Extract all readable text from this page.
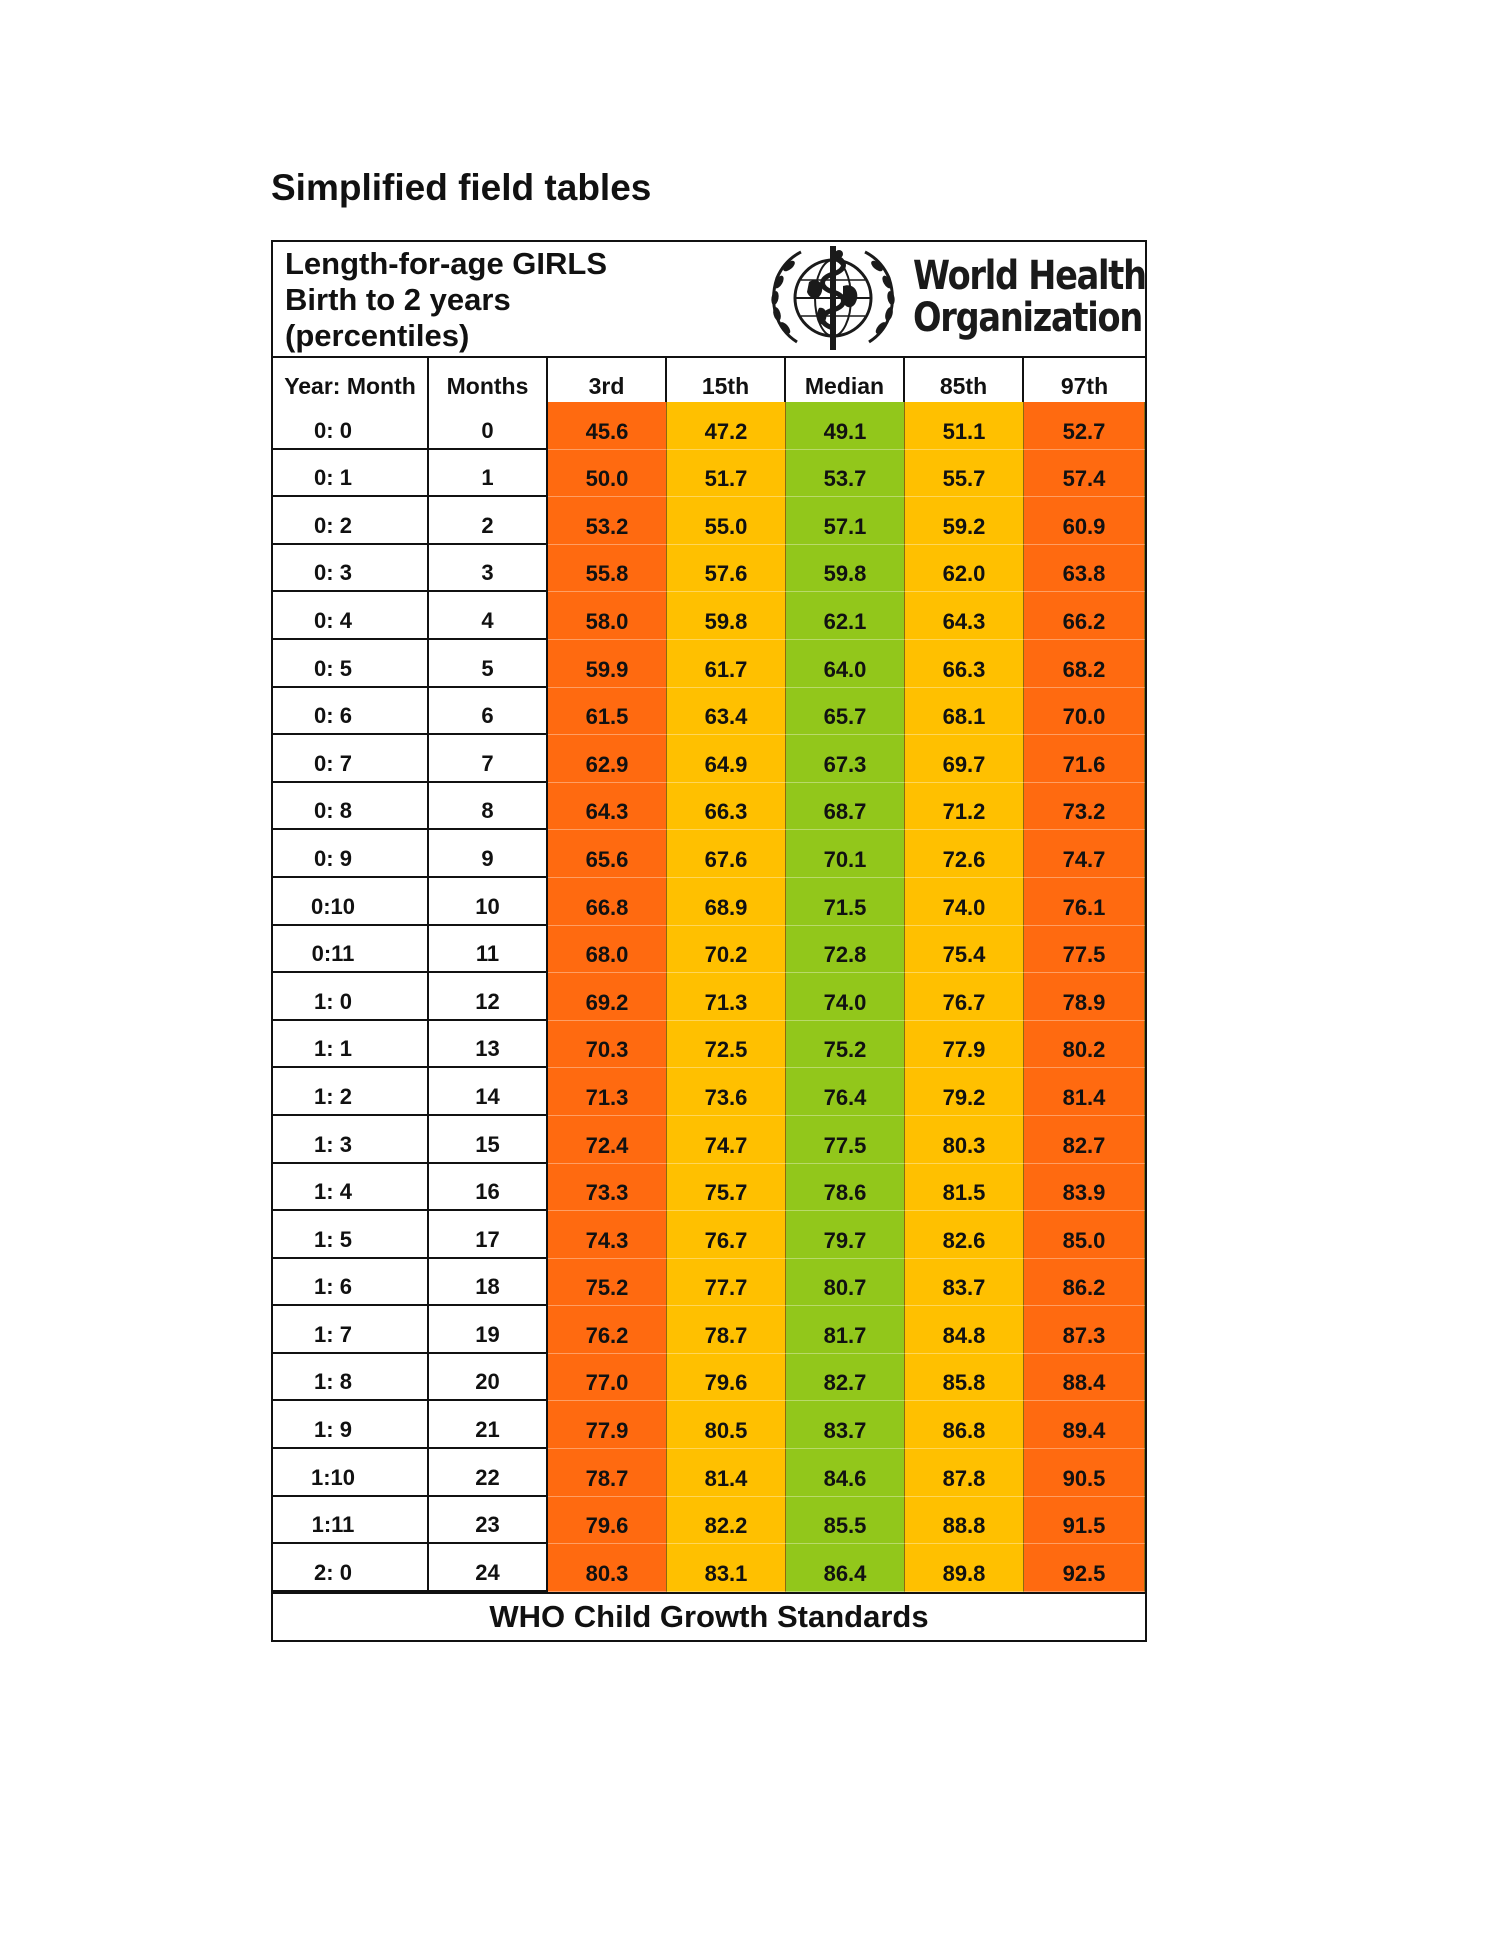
Simplified field tables
Length-for-age GIRLS
Birth to 2 years
(percentiles)
World Health
Organization
Year: Month	Months	3rd	15th	Median	85th	97th
0: 0	0	45.6	47.2	49.1	51.1	52.7
0: 1	1	50.0	51.7	53.7	55.7	57.4
0: 2	2	53.2	55.0	57.1	59.2	60.9
0: 3	3	55.8	57.6	59.8	62.0	63.8
0: 4	4	58.0	59.8	62.1	64.3	66.2
0: 5	5	59.9	61.7	64.0	66.3	68.2
0: 6	6	61.5	63.4	65.7	68.1	70.0
0: 7	7	62.9	64.9	67.3	69.7	71.6
0: 8	8	64.3	66.3	68.7	71.2	73.2
0: 9	9	65.6	67.6	70.1	72.6	74.7
0:10	10	66.8	68.9	71.5	74.0	76.1
0:11	11	68.0	70.2	72.8	75.4	77.5
1: 0	12	69.2	71.3	74.0	76.7	78.9
1: 1	13	70.3	72.5	75.2	77.9	80.2
1: 2	14	71.3	73.6	76.4	79.2	81.4
1: 3	15	72.4	74.7	77.5	80.3	82.7
1: 4	16	73.3	75.7	78.6	81.5	83.9
1: 5	17	74.3	76.7	79.7	82.6	85.0
1: 6	18	75.2	77.7	80.7	83.7	86.2
1: 7	19	76.2	78.7	81.7	84.8	87.3
1: 8	20	77.0	79.6	82.7	85.8	88.4
1: 9	21	77.9	80.5	83.7	86.8	89.4
1:10	22	78.7	81.4	84.6	87.8	90.5
1:11	23	79.6	82.2	85.5	88.8	91.5
2: 0	24	80.3	83.1	86.4	89.8	92.5
WHO Child Growth Standards
